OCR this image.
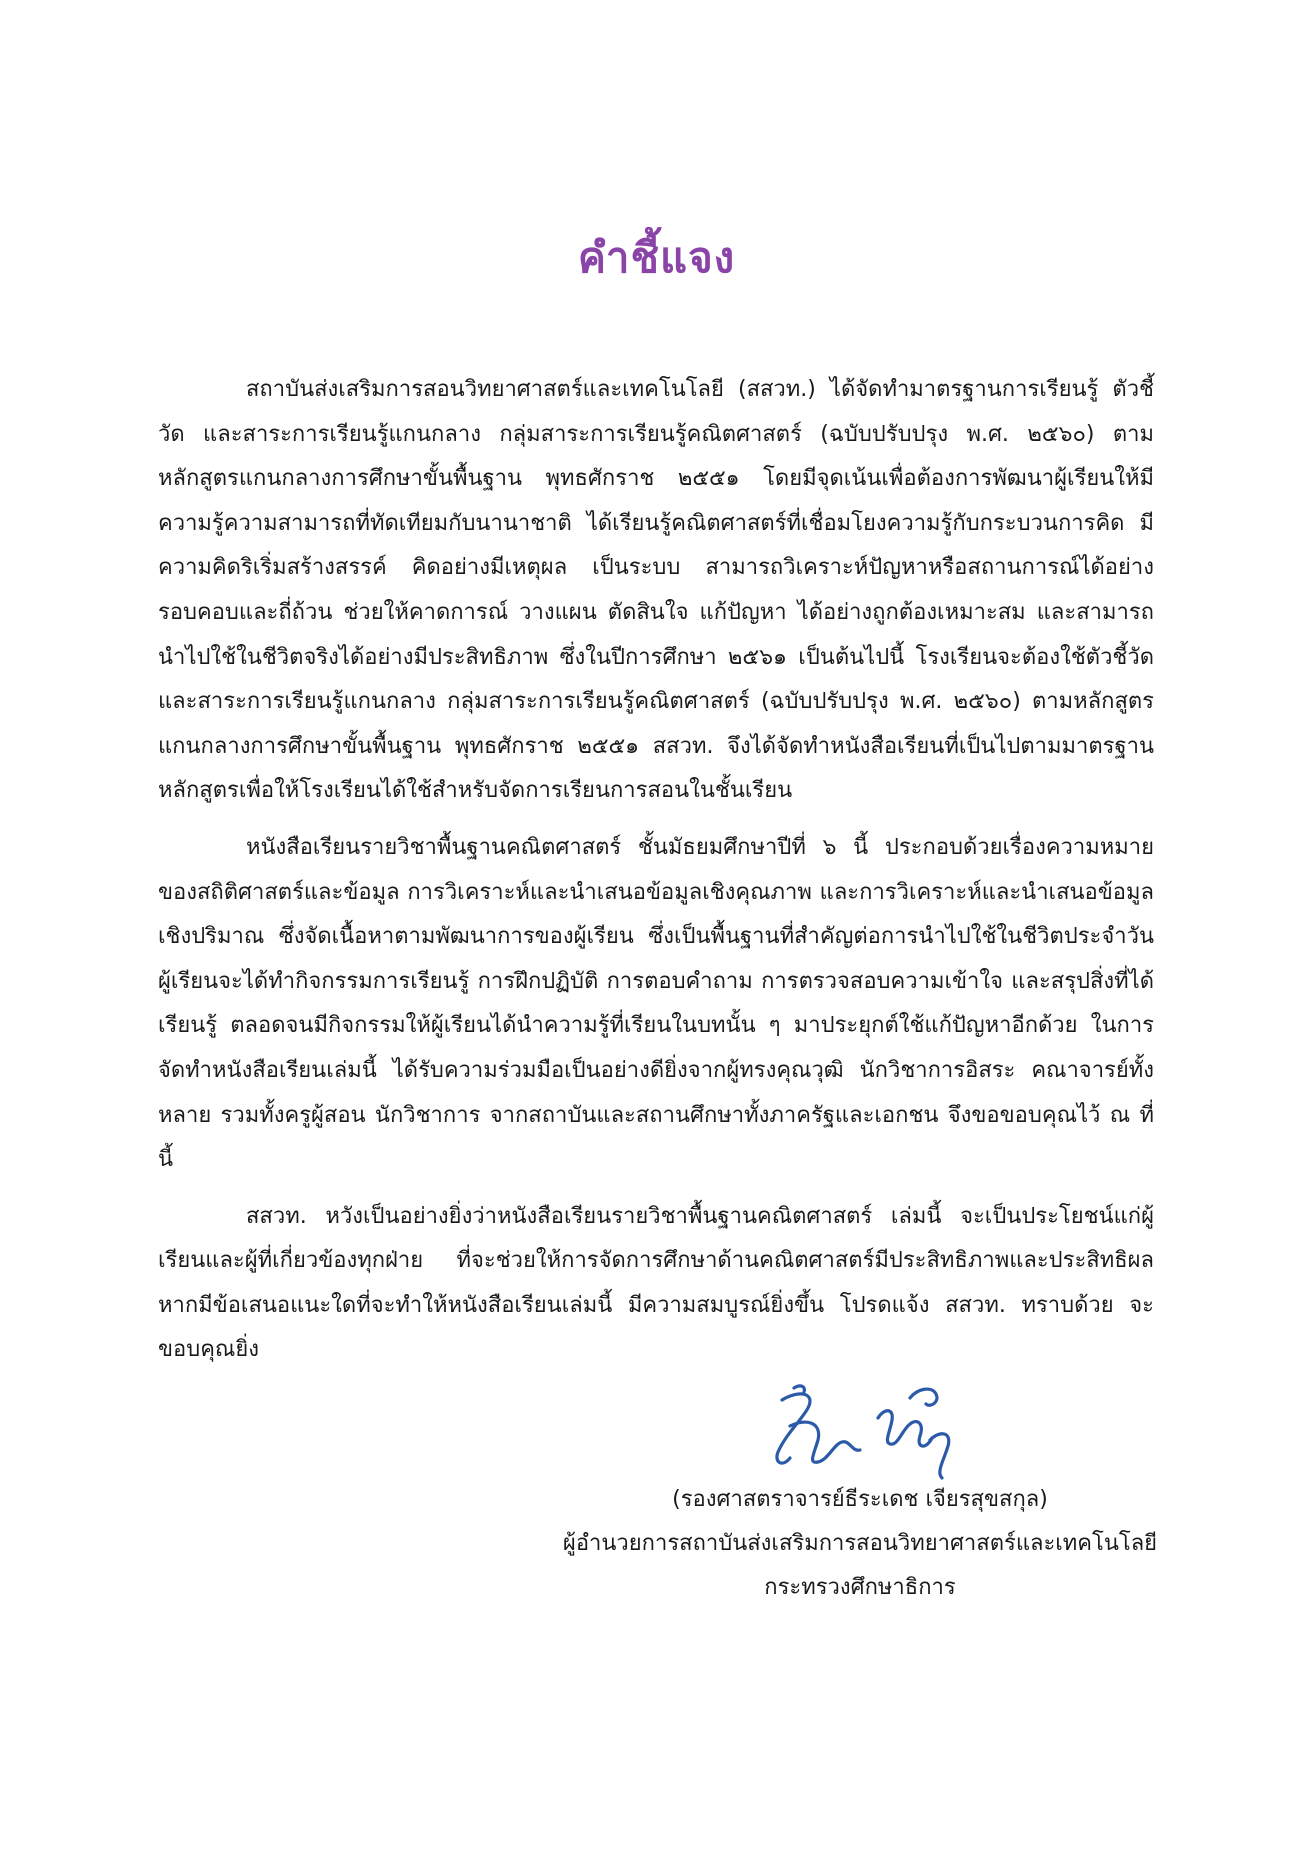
คำชี้แจง

สถาบันส่งเสริมการสอนวิทยาศาสตร์และเทคโนโลยี (สสวท.) ได้จัดทำมาตรฐานการเรียนรู้ ตัวชี้วัด และสาระการเรียนรู้แกนกลาง กลุ่มสาระการเรียนรู้คณิตศาสตร์ (ฉบับปรับปรุง พ.ศ. ๒๕๖๐) ตามหลักสูตรแกนกลางการศึกษาขั้นพื้นฐาน พุทธศักราช ๒๕๕๑ โดยมีจุดเน้นเพื่อต้องการพัฒนาผู้เรียนให้มีความรู้ความสามารถที่ทัดเทียมกับนานาชาติ ได้เรียนรู้คณิตศาสตร์ที่เชื่อมโยงความรู้กับกระบวนการคิด มีความคิดริเริ่มสร้างสรรค์ คิดอย่างมีเหตุผล เป็นระบบ สามารถวิเคราะห์ปัญหาหรือสถานการณ์ได้อย่างรอบคอบและถี่ถ้วน ช่วยให้คาดการณ์ วางแผน ตัดสินใจ แก้ปัญหา ได้อย่างถูกต้องเหมาะสม และสามารถนำไปใช้ในชีวิตจริงได้อย่างมีประสิทธิภาพ ซึ่งในปีการศึกษา ๒๕๖๑ เป็นต้นไปนี้ โรงเรียนจะต้องใช้ตัวชี้วัดและสาระการเรียนรู้แกนกลาง กลุ่มสาระการเรียนรู้คณิตศาสตร์ (ฉบับปรับปรุง พ.ศ. ๒๕๖๐) ตามหลักสูตรแกนกลางการศึกษาขั้นพื้นฐาน พุทธศักราช ๒๕๕๑ สสวท. จึงได้จัดทำหนังสือเรียนที่เป็นไปตามมาตรฐานหลักสูตรเพื่อให้โรงเรียนได้ใช้สำหรับจัดการเรียนการสอนในชั้นเรียน

หนังสือเรียนรายวิชาพื้นฐานคณิตศาสตร์ ชั้นมัธยมศึกษาปีที่ ๖ นี้ ประกอบด้วยเรื่องความหมายของสถิติศาสตร์และข้อมูล การวิเคราะห์และนำเสนอข้อมูลเชิงคุณภาพ และการวิเคราะห์และนำเสนอข้อมูลเชิงปริมาณ ซึ่งจัดเนื้อหาตามพัฒนาการของผู้เรียน ซึ่งเป็นพื้นฐานที่สำคัญต่อการนำไปใช้ในชีวิตประจำวัน ผู้เรียนจะได้ทำกิจกรรมการเรียนรู้ การฝึกปฏิบัติ การตอบคำถาม การตรวจสอบความเข้าใจ และสรุปสิ่งที่ได้เรียนรู้ ตลอดจนมีกิจกรรมให้ผู้เรียนได้นำความรู้ที่เรียนในบทนั้น ๆ มาประยุกต์ใช้แก้ปัญหาอีกด้วย ในการจัดทำหนังสือเรียนเล่มนี้ ได้รับความร่วมมือเป็นอย่างดียิ่งจากผู้ทรงคุณวุฒิ นักวิชาการอิสระ คณาจารย์ทั้งหลาย รวมทั้งครูผู้สอน นักวิชาการ จากสถาบันและสถานศึกษาทั้งภาครัฐและเอกชน จึงขอขอบคุณไว้ ณ ที่นี้

สสวท. หวังเป็นอย่างยิ่งว่าหนังสือเรียนรายวิชาพื้นฐานคณิตศาสตร์ เล่มนี้ จะเป็นประโยชน์แก่ผู้เรียนและผู้ที่เกี่ยวข้องทุกฝ่าย ที่จะช่วยให้การจัดการศึกษาด้านคณิตศาสตร์มีประสิทธิภาพและประสิทธิผล หากมีข้อเสนอแนะใดที่จะทำให้หนังสือเรียนเล่มนี้ มีความสมบูรณ์ยิ่งขึ้น โปรดแจ้ง สสวท. ทราบด้วย จะขอบคุณยิ่ง

(รองศาสตราจารย์ธีระเดช เจียรสุขสกุล)
ผู้อำนวยการสถาบันส่งเสริมการสอนวิทยาศาสตร์และเทคโนโลยี
กระทรวงศึกษาธิการ
